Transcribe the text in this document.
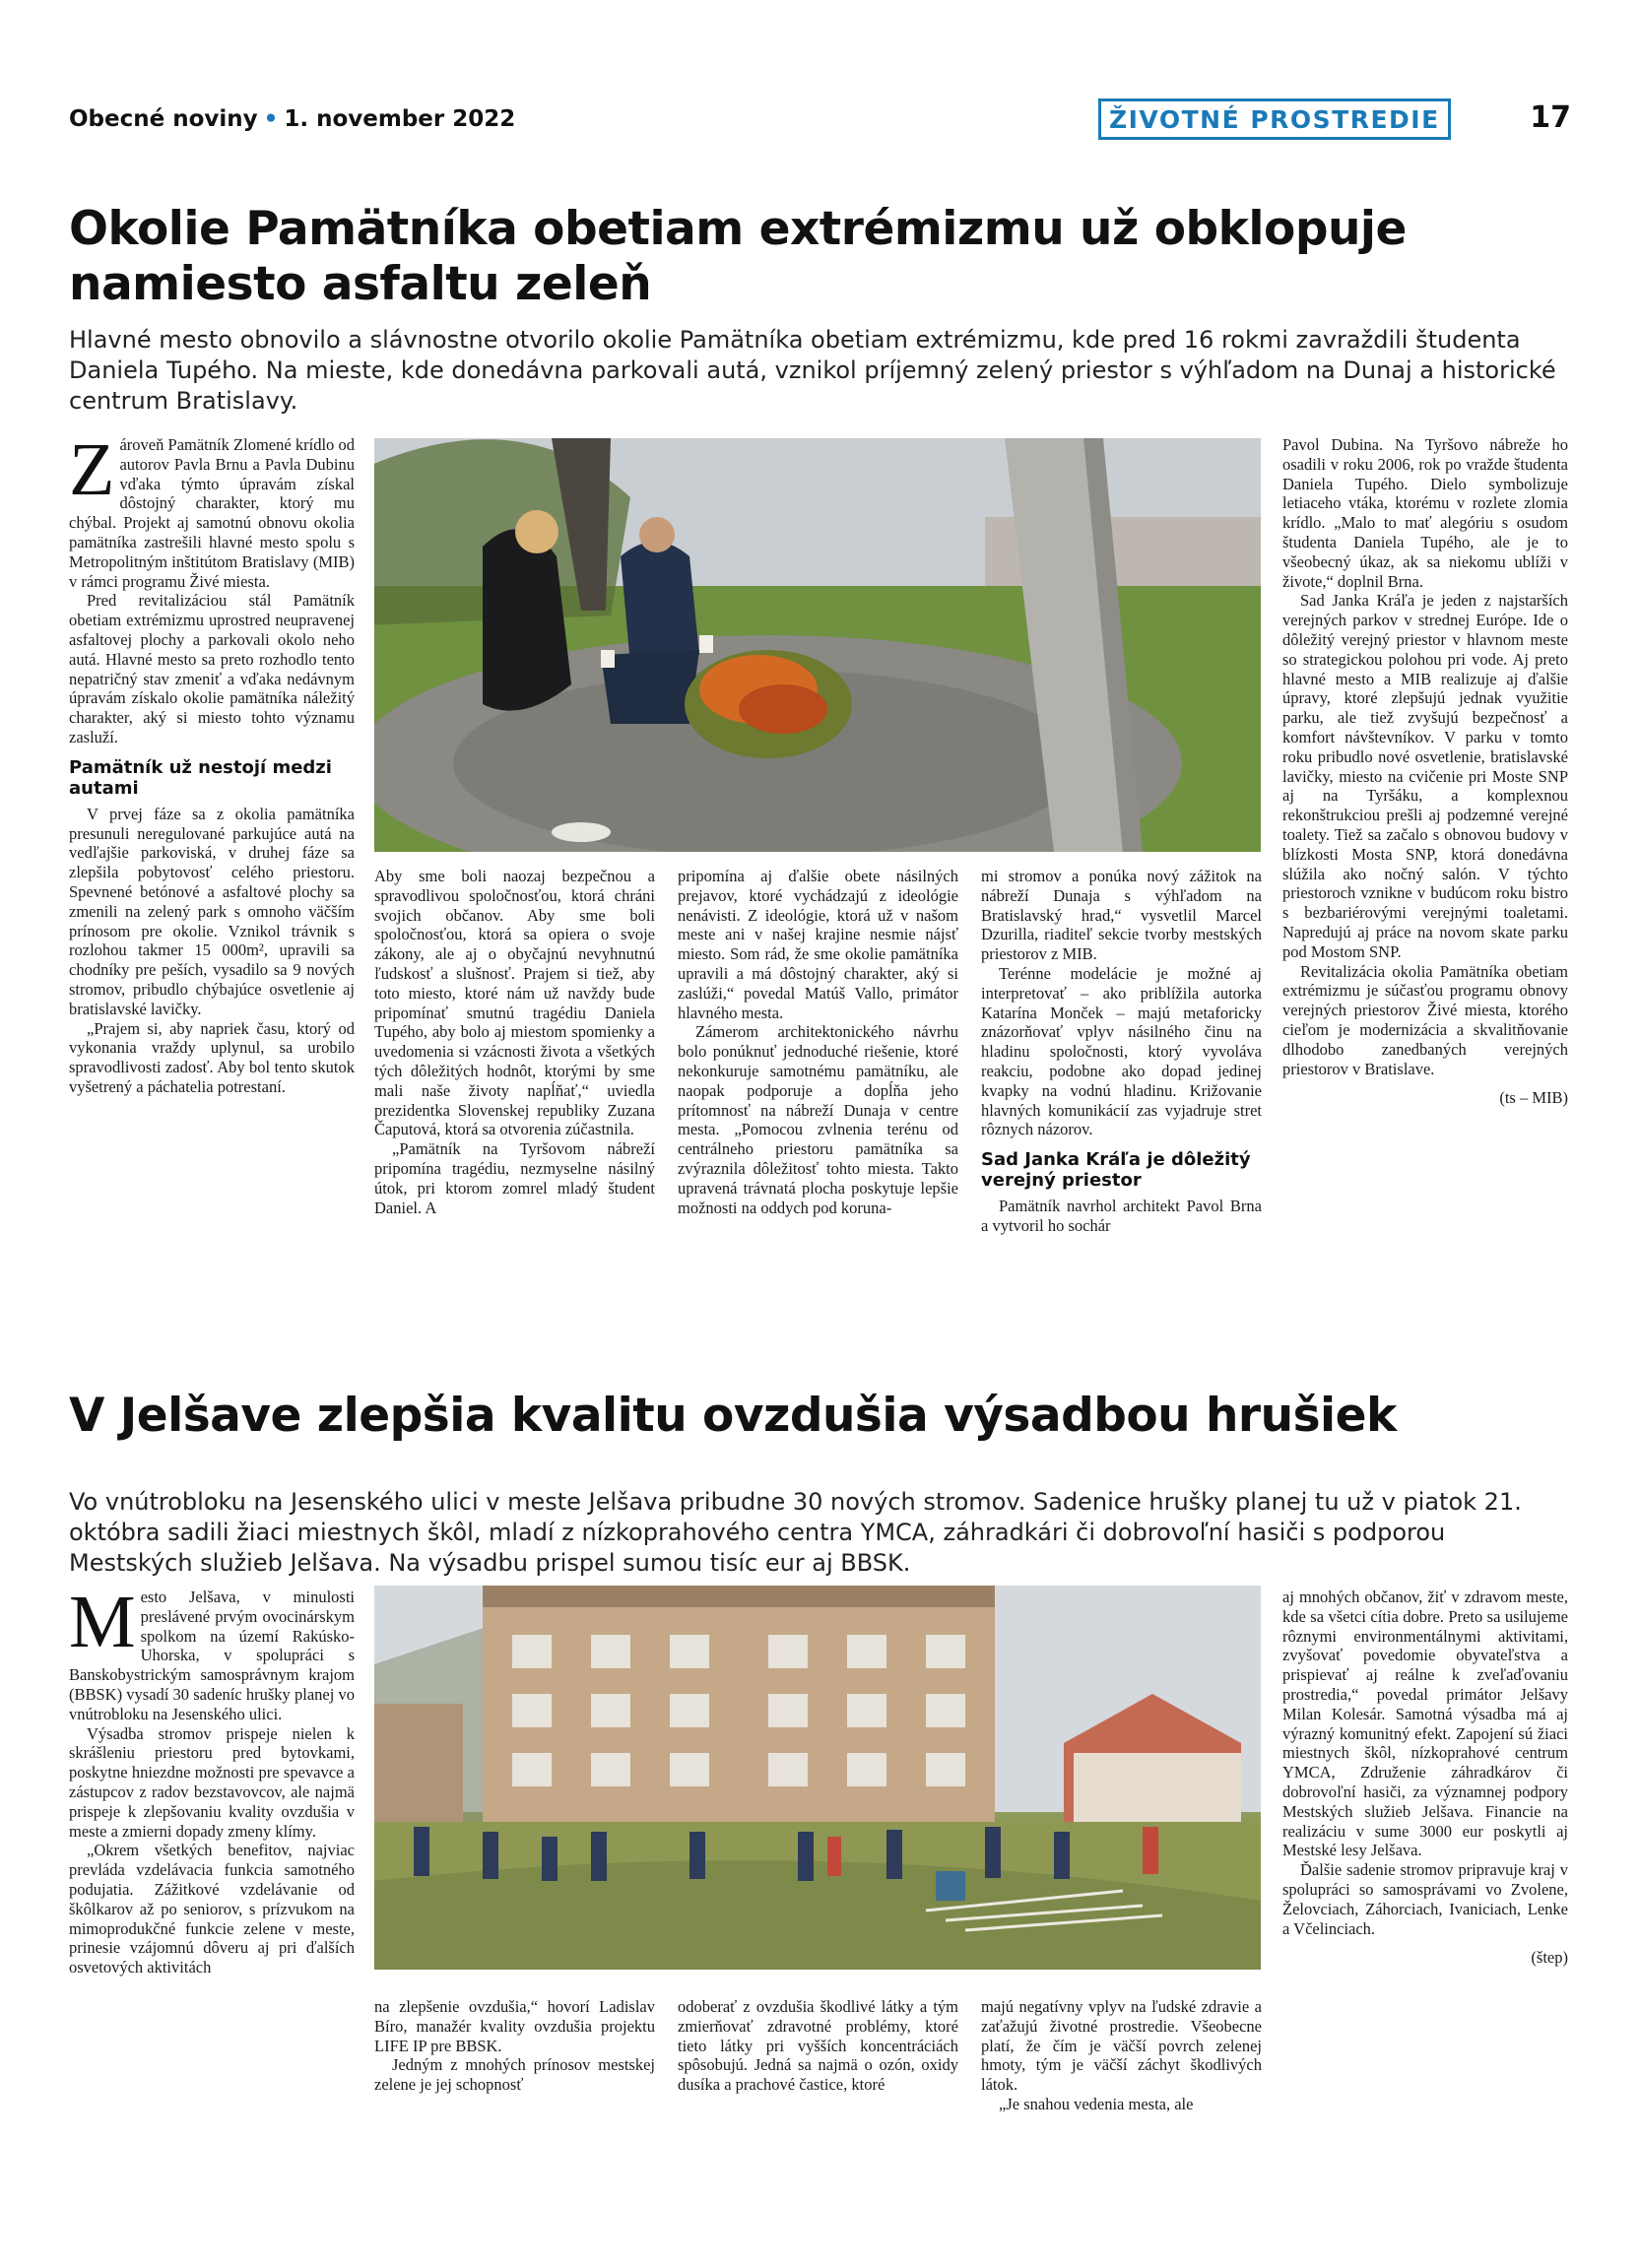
Obecné noviny • 1. november 2022	ŽIVOTNÉ PROSTREDIE	17
Okolie Pamätníka obetiam extrémizmu už obklopuje namiesto asfaltu zeleň
Hlavné mesto obnovilo a slávnostne otvorilo okolie Pamätníka obetiam extrémizmu, kde pred 16 rokmi zavraždili študenta Daniela Tupého. Na mieste, kde donedávna parkovali autá, vznikol príjemný zelený priestor s výhľadom na Dunaj a historické centrum Bratislavy.

Zároveň Pamätník Zlomené krídlo od autorov Pavla Brnu a Pavla Dubinu vďaka týmto úpravám získal dôstojný charakter, ktorý mu chýbal. Projekt aj samotnú obnovu okolia pamätníka zastrešili hlavné mesto spolu s Metropolitným inštitútom Bratislavy (MIB) v rámci programu Živé miesta.

Pred revitalizáciou stál Pamätník obetiam extrémizmu uprostred neupravenej asfaltovej plochy a parkovali okolo neho autá. Hlavné mesto sa preto rozhodlo tento nepatričný stav zmeniť a vďaka nedávnym úpravám získalo okolie pamätníka náležitý charakter, aký si miesto tohto významu zasluží.

Pamätník už nestojí medzi autami

V prvej fáze sa z okolia pamätníka presunuli neregulované parkujúce autá na vedľajšie parkoviská, v druhej fáze sa zlepšila pobytovosť celého priestoru. Spevnené betónové a asfaltové plochy sa zmenili na zelený park s omnoho väčším prínosom pre okolie. Vznikol trávnik s rozlohou takmer 15 000m², upravili sa chodníky pre peších, vysadilo sa 9 nových stromov, pribudlo chýbajúce osvetlenie aj bratislavské lavičky.

„Prajem si, aby napriek času, ktorý od vykonania vraždy uplynul, sa urobilo spravodlivosti zadosť. Aby bol tento skutok vyšetrený a páchatelia potrestaní.

Aby sme boli naozaj bezpečnou a spravodlivou spoločnosťou, ktorá chráni svojich občanov. Aby sme boli spoločnosťou, ktorá sa opiera o svoje zákony, ale aj o obyčajnú nevyhnutnú ľudskosť a slušnosť. Prajem si tiež, aby toto miesto, ktoré nám už navždy bude pripomínať smutnú tragédiu Daniela Tupého, aby bolo aj miestom spomienky a uvedomenia si vzácnosti života a všetkých tých dôležitých hodnôt, ktorými by sme mali naše životy napĺňať,“ uviedla prezidentka Slovenskej republiky Zuzana Čaputová, ktorá sa otvorenia zúčastnila.

„Pamätník na Tyršovom nábreží pripomína tragédiu, nezmyselne násilný útok, pri ktorom zomrel mladý študent Daniel. A

pripomína aj ďalšie obete násilných prejavov, ktoré vychádzajú z ideológie nenávisti. Z ideológie, ktorá už v našom meste ani v našej krajine nesmie nájsť miesto. Som rád, že sme okolie pamätníka upravili a má dôstojný charakter, aký si zaslúži,“ povedal Matúš Vallo, primátor hlavného mesta.

Zámerom architektonického návrhu bolo ponúknuť jednoduché riešenie, ktoré nekonkuruje samotnému pamätníku, ale naopak podporuje a dopĺňa jeho prítomnosť na nábreží Dunaja v centre mesta. „Pomocou zvlnenia terénu od centrálneho priestoru pamätníka sa zvýraznila dôležitosť tohto miesta. Takto upravená trávnatá plocha poskytuje lepšie možnosti na oddych pod koruna-

mi stromov a ponúka nový zážitok na nábreží Dunaja s výhľadom na Bratislavský hrad,“ vysvetlil Marcel Dzurilla, riaditeľ sekcie tvorby mestských priestorov z MIB.

Terénne modelácie je možné aj interpretovať – ako priblížila autorka Katarína Monček – majú metaforicky znázorňovať vplyv násilného činu na hladinu spoločnosti, ktorý vyvoláva reakciu, podobne ako dopad jedinej kvapky na vodnú hladinu. Križovanie hlavných komunikácií zas vyjadruje stret rôznych názorov.

Sad Janka Kráľa je dôležitý verejný priestor

Pamätník navrhol architekt Pavol Brna a vytvoril ho sochár

Pavol Dubina. Na Tyršovo nábreže ho osadili v roku 2006, rok po vražde študenta Daniela Tupého. Dielo symbolizuje letiaceho vtáka, ktorému v rozlete zlomia krídlo. „Malo to mať alegóriu s osudom študenta Daniela Tupého, ale je to všeobecný úkaz, ak sa niekomu ublíži v živote,“ doplnil Brna.

Sad Janka Kráľa je jeden z najstarších verejných parkov v strednej Európe. Ide o dôležitý verejný priestor v hlavnom meste so strategickou polohou pri vode. Aj preto hlavné mesto a MIB realizuje aj ďalšie úpravy, ktoré zlepšujú jednak využitie parku, ale tiež zvyšujú bezpečnosť a komfort návštevníkov. V parku v tomto roku pribudlo nové osvetlenie, bratislavské lavičky, miesto na cvičenie pri Moste SNP aj na Tyršáku, a komplexnou rekonštrukciou prešli aj podzemné verejné toalety. Tiež sa začalo s obnovou budovy v blízkosti Mosta SNP, ktorá donedávna slúžila ako nočný salón. V týchto priestoroch vznikne v budúcom roku bistro s bezbariérovými verejnými toaletami. Napredujú aj práce na novom skate parku pod Mostom SNP.

Revitalizácia okolia Pamätníka obetiam extrémizmu je súčasťou programu obnovy verejných priestorov Živé miesta, ktorého cieľom je modernizácia a skvalitňovanie dlhodobo zanedbaných verejných priestorov v Bratislave.

(ts – MIB)

V Jelšave zlepšia kvalitu ovzdušia výsadbou hrušiek
Vo vnútrobloku na Jesenského ulici v meste Jelšava pribudne 30 nových stromov. Sadenice hrušky planej tu už v piatok 21. októbra sadili žiaci miestnych škôl, mladí z nízkoprahového centra YMCA, záhradkári či dobrovoľní hasiči s podporou Mestských služieb Jelšava. Na výsadbu prispel sumou tisíc eur aj BBSK.

Mesto Jelšava, v minulosti preslávené prvým ovocinárskym spolkom na území Rakúsko-Uhorska, v spolupráci s Banskobystrickým samosprávnym krajom (BBSK) vysadí 30 sadeníc hrušky planej vo vnútrobloku na Jesenského ulici.

Výsadba stromov prispeje nielen k skrášleniu priestoru pred bytovkami, poskytne hniezdne možnosti pre spevavce a zástupcov z radov bezstavovcov, ale najmä prispeje k zlepšovaniu kvality ovzdušia v meste a zmierni dopady zmeny klímy.

„Okrem všetkých benefitov, najviac prevláda vzdelávacia funkcia samotného podujatia. Zážitkové vzdelávanie od škôlkarov až po seniorov, s prízvukom na mimoprodukčné funkcie zelene v meste, prinesie vzájomnú dôveru aj pri ďalších osvetových aktivitách

na zlepšenie ovzdušia,“ hovorí Ladislav Bíro, manažér kvality ovzdušia projektu LIFE IP pre BBSK.

Jedným z mnohých prínosov mestskej zelene je jej schopnosť

odoberať z ovzdušia škodlivé látky a tým zmierňovať zdravotné problémy, ktoré tieto látky pri vyšších koncentráciách spôsobujú. Jedná sa najmä o ozón, oxidy dusíka a prachové častice, ktoré

majú negatívny vplyv na ľudské zdravie a zaťažujú životné prostredie. Všeobecne platí, že čím je väčší povrch zelenej hmoty, tým je väčší záchyt škodlivých látok.

„Je snahou vedenia mesta, ale

aj mnohých občanov, žiť v zdravom meste, kde sa všetci cítia dobre. Preto sa usilujeme rôznymi environmentálnymi aktivitami, zvyšovať povedomie obyvateľstva a prispievať aj reálne k zveľaďovaniu prostredia,“ povedal primátor Jelšavy Milan Kolesár. Samotná výsadba má aj výrazný komunitný efekt. Zapojení sú žiaci miestnych škôl, nízkoprahové centrum YMCA, Združenie záhradkárov či dobrovoľní hasiči, za významnej podpory Mestských služieb Jelšava. Financie na realizáciu v sume 3000 eur poskytli aj Mestské lesy Jelšava.

Ďalšie sadenie stromov pripravuje kraj v spolupráci so samosprávami vo Zvolene, Želovciach, Záhorciach, Ivaniciach, Lenke a Včelinciach.

(štep)
